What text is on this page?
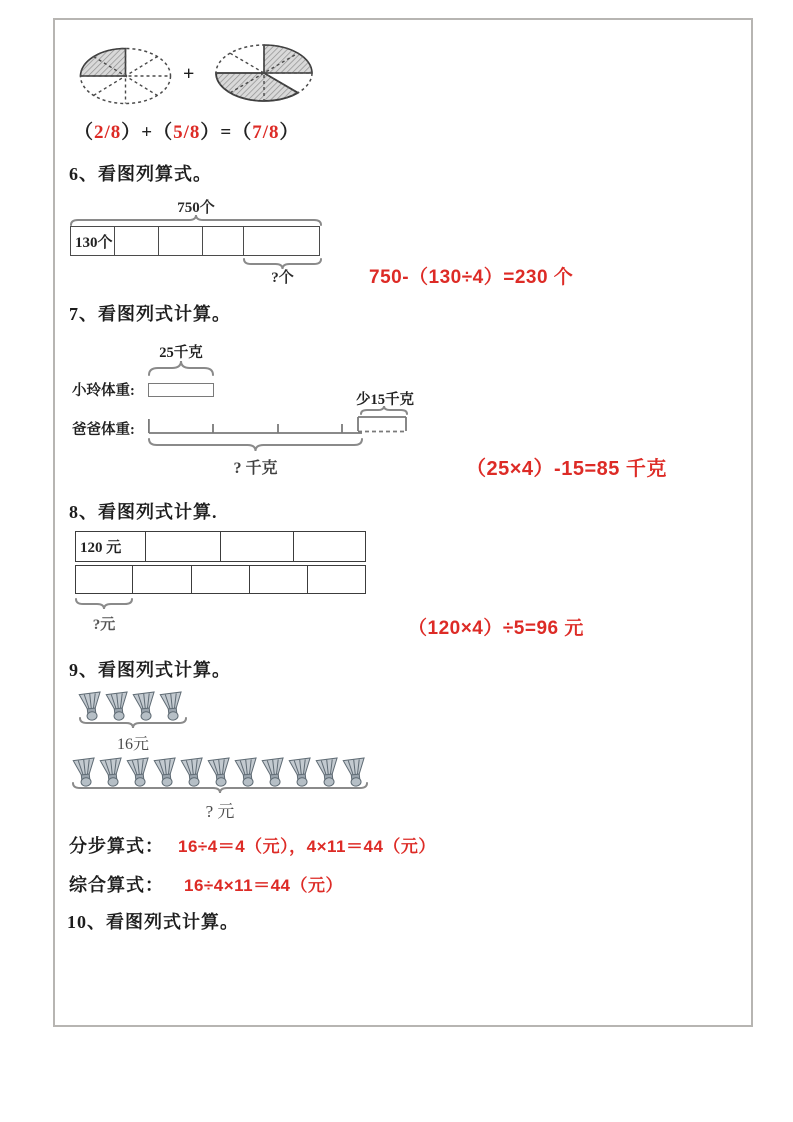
+
（2/8）+（5/8）=（7/8）
6、看图列算式。
750个
130个
?个	750-（130÷4）=230 个
7、看图列式计算。
25千克
小玲体重:
少15千克
爸爸体重:
? 千克	（25×4）-15=85 千克
8、看图列式计算.
120 元
?元	（120×4）÷5=96 元
9、看图列式计算。
16元
? 元
分步算式： 16÷4＝4（元），4×11＝44（元）
综合算式： 16÷4×11＝44（元）
10、看图列式计算。
